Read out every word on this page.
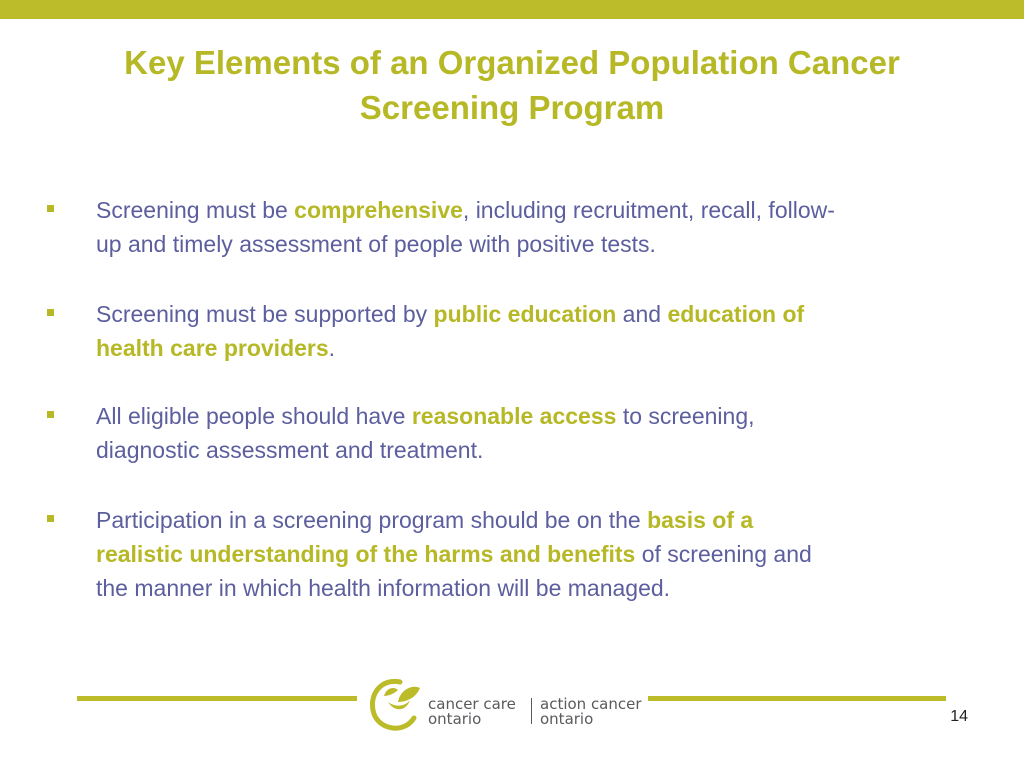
Key Elements of an Organized Population Cancer
Screening Program
Screening must be comprehensive, including recruitment, recall, follow-
up and timely assessment of people with positive tests.
Screening must be supported by public education and education of
health care providers.
All eligible people should have reasonable access to screening,
diagnostic assessment and treatment.
Participation in a screening program should be on the basis of a
realistic understanding of the harms and benefits of screening and
the manner in which health information will be managed.
cancer care
ontario
action cancer
ontario	14
